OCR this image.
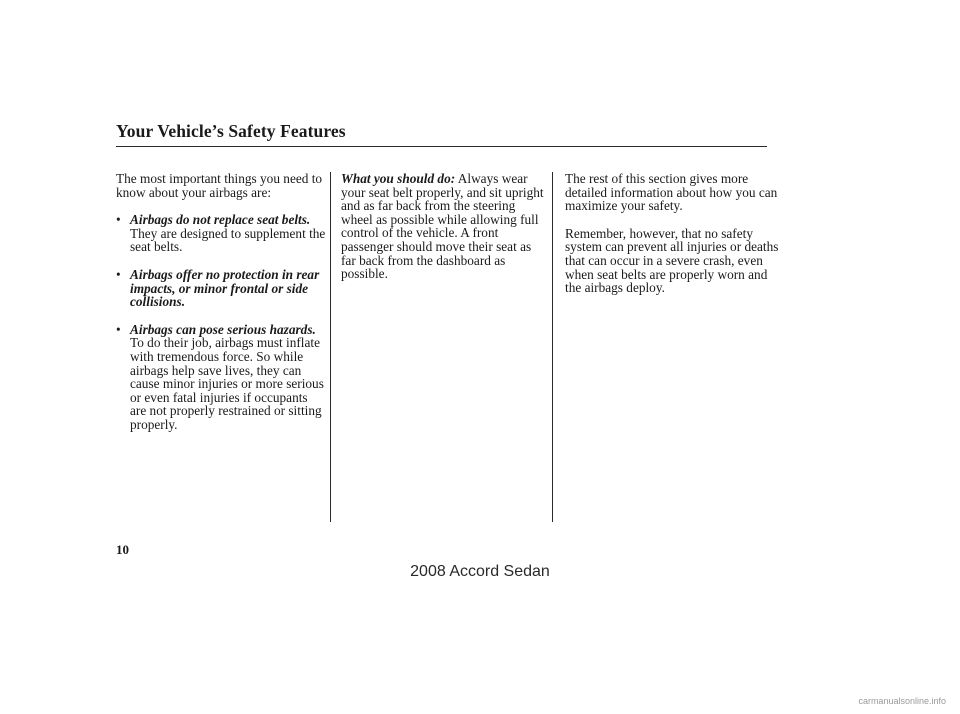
Your Vehicle’s Safety Features

The most important things you need to know about your airbags are:

• Airbags do not replace seat belts.

They are designed to supplement the seat belts.

• Airbags offer no protection in rear impacts, or minor frontal or side collisions.

• Airbags can pose serious hazards.

To do their job, airbags must inflate with tremendous force. So while airbags help save lives, they can cause minor injuries or more serious or even fatal injuries if occupants are not properly restrained or sitting properly.

What you should do: Always wear your seat belt properly, and sit upright and as far back from the steering wheel as possible while allowing full control of the vehicle. A front passenger should move their seat as far back from the dashboard as possible.

The rest of this section gives more detailed information about how you can maximize your safety.

Remember, however, that no safety system can prevent all injuries or deaths that can occur in a severe crash, even when seat belts are properly worn and the airbags deploy.

10
2008 Accord Sedan
carmanualsonline.info
